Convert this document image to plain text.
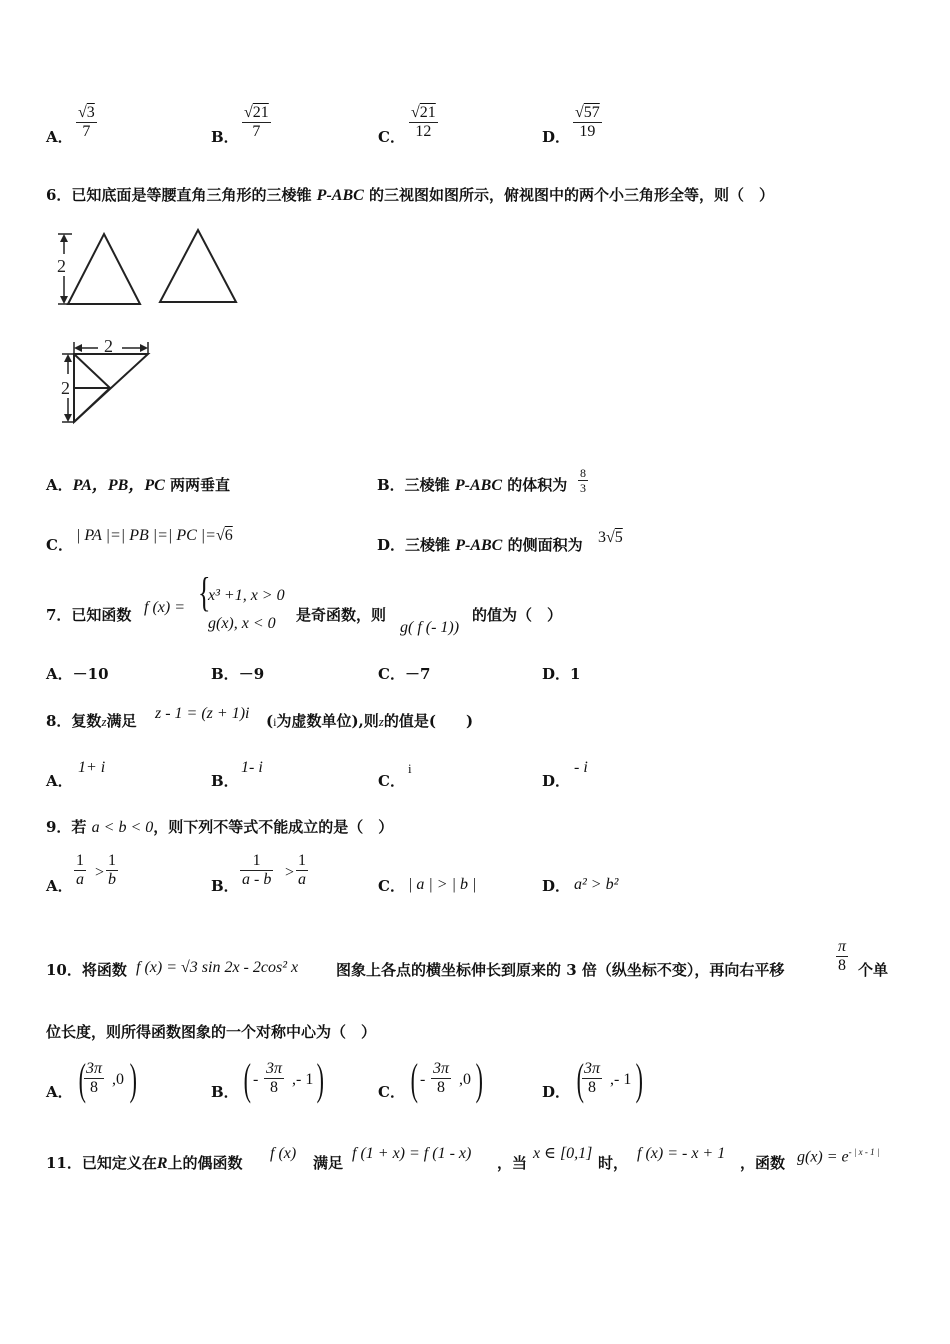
A． $\frac{√3}{7}$	B． $\frac{√21}{7}$	C． $\frac{√21}{12}$	D． $\frac{√57}{19}$
6．已知底面是等腰直角三角形的三棱锥 P-ABC 的三视图如图所示，俯视图中的两个小三角形全等，则（　）
2
2
2
A．PA，PB，PC 两两垂直	B．三棱锥 P-ABC 的体积为 $\frac{8}{3}$
C．
| PA |=| PB |=| PC |=√6
D．三棱锥 P-ABC 的侧面积为 3√5
7．已知函数 f (x) = {
x³ +1, x > 0
g(x), x < 0 是奇函数，则
g( f (- 1))
的值为（　）
A．－10	B．－9	C．－7	D．1
8．复数z满足 z - 1 = (z + 1)i (i为虚数单位),则z的值是(　　)
A．
1+ i
B．
1- i
C．
i
D．
- i
9．若 a < b < 0，则下列不等式不能成立的是（　）
A． $\frac{1}{a} > \frac{1}{b}$	B． $\frac{1}{a - b} > \frac{1}{a}$	C． | a | > | b |	D． a² > b²
10．将函数 f (x) = √3 sin 2x - 2cos² x	图象上各点的横坐标伸长到原来的 3 倍（纵坐标不变），再向右平移	$\frac{\pi}{8}$ 个单
位长度，则所得函数图象的一个对称中心为（　）
A． (
$\frac{3\pi}{8} ,0$ )	B． ( - $\frac{3\pi}{8}$ ,- 1 )	C． ( - $\frac{3\pi}{8} ,0$ )	D． (
$\frac{3\pi}{8}$ ,- 1 )
11．已知定义在R上的偶函数
f (x)
满足
f (1 + x) = f (1 - x)
，当
x ∈ [0,1]
时，
f (x) = - x + 1
，函数 $g(x) = e^{- | x - 1 |}$
